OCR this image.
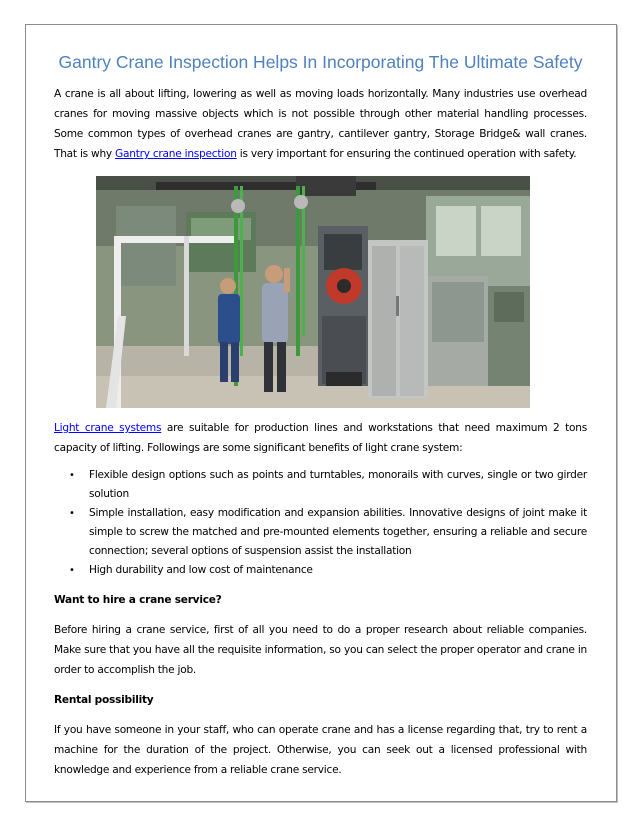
Gantry Crane Inspection Helps In Incorporating The Ultimate Safety

A crane is all about lifting, lowering as well as moving loads horizontally. Many industries use overhead cranes for moving massive objects which is not possible through other material handling processes. Some common types of overhead cranes are gantry, cantilever gantry, Storage Bridge& wall cranes. That is why Gantry crane inspection is very important for ensuring the continued operation with safety.

Light crane systems are suitable for production lines and workstations that need maximum 2 tons capacity of lifting. Followings are some significant benefits of light crane system:

• Flexible design options such as points and turntables, monorails with curves, single or two girder solution
• Simple installation, easy modification and expansion abilities. Innovative designs of joint make it simple to screw the matched and pre-mounted elements together, ensuring a reliable and secure connection; several options of suspension assist the installation
• High durability and low cost of maintenance

Want to hire a crane service?

Before hiring a crane service, first of all you need to do a proper research about reliable companies. Make sure that you have all the requisite information, so you can select the proper operator and crane in order to accomplish the job.

Rental possibility

If you have someone in your staff, who can operate crane and has a license regarding that, try to rent a machine for the duration of the project. Otherwise, you can seek out a licensed professional with knowledge and experience from a reliable crane service.
